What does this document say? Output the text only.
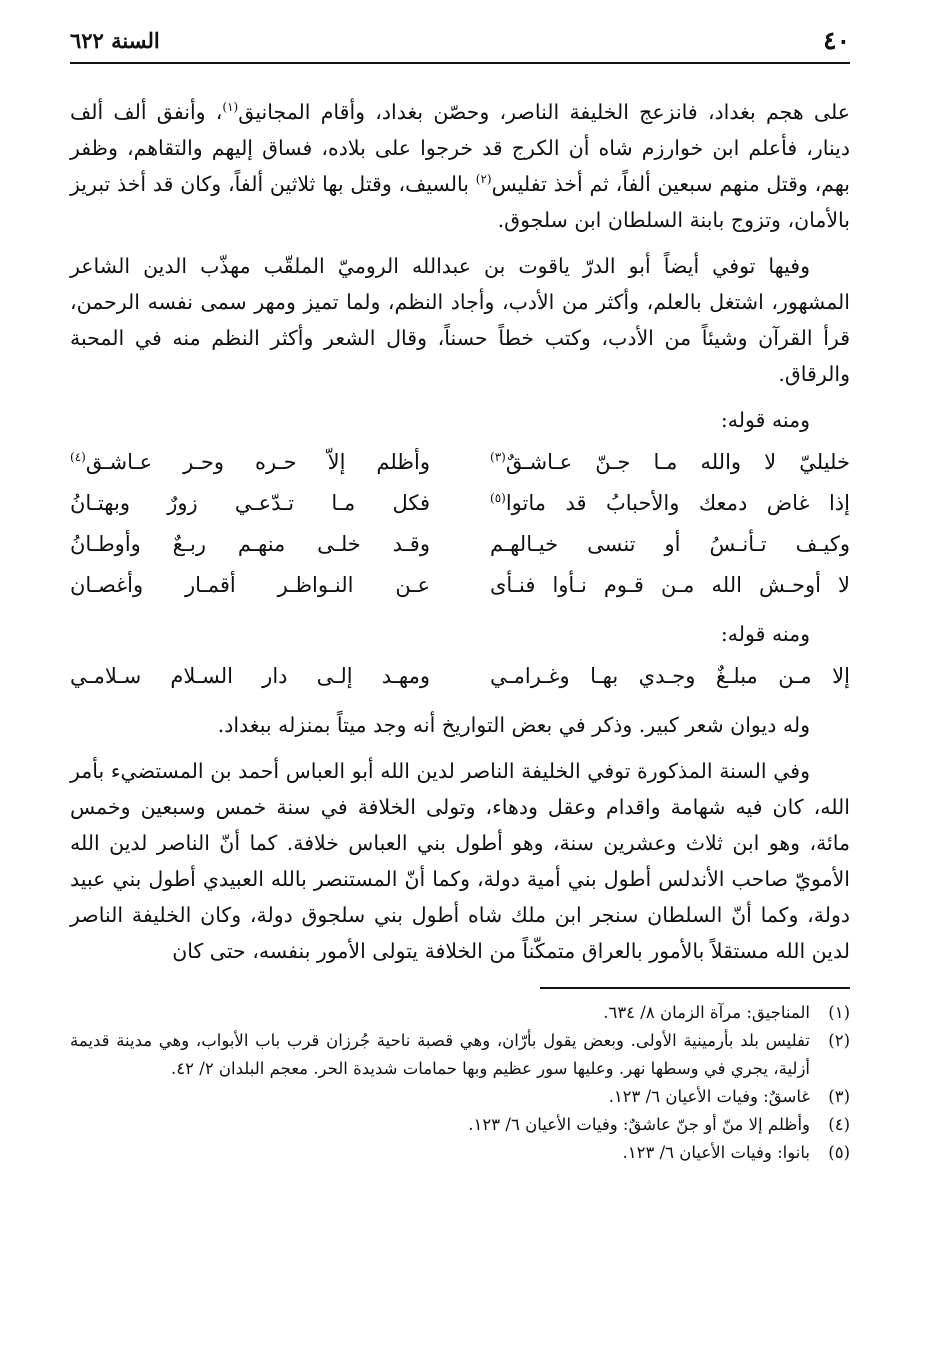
٤٠
السنة ٦٢٢

على هجم بغداد، فانزعج الخليفة الناصر، وحصّن بغداد، وأقام المجانيق$^{(١)}$، وأنفق ألف ألف دينار، فأعلم ابن خوارزم شاه أن الكرج قد خرجوا على بلاده، فساق إليهم والتقاهم، وظفر بهم، وقتل منهم سبعين ألفاً، ثم أخذ تفليس$^{(٢)}$ بالسيف، وقتل بها ثلاثين ألفاً، وكان قد أخذ تبريز بالأمان، وتزوج بابنة السلطان ابن سلجوق.

وفيها توفي أيضاً أبو الدرّ ياقوت بن عبدالله الروميّ الملقّب مهذّب الدين الشاعر المشهور، اشتغل بالعلم، وأكثر من الأدب، وأجاد النظم، ولما تميز ومهر سمى نفسه الرحمن، قرأ القرآن وشيئاً من الأدب، وكتب خطاً حسناً، وقال الشعر وأكثر النظم منه في المحبة والرقاق.

ومنه قوله:
خليليّ لا والله مـا جـنّ عـاشـقٌ$^{(٣)}$
وأظلم إلاّ حـره وحـر عـاشـق$^{(٤)}$
إذا غاض دمعك والأحبابُ قد ماتوا$^{(٥)}$
فكل مـا تـدّعـي زورٌ وبهتـانُ
وكيـف تـأنـسُ أو تنسى خيـالهـم
وقـد خلـى منهـم ربـعٌ وأوطـانُ
لا أوحـش الله مـن قـوم نـأوا فنـأى
عـن النـواظـر أقمـار وأغصـان
ومنه قوله:
إلا مـن مبلـغٌ وجـدي بهـا وغـرامـي
ومهـد إلـى دار السـلام سـلامـي

وله ديوان شعر كبير. وذكر في بعض التواريخ أنه وجد ميتاً بمنزله ببغداد.

وفي السنة المذكورة توفي الخليفة الناصر لدين الله أبو العباس أحمد بن المستضيء بأمر الله، كان فيه شهامة واقدام وعقل ودهاء، وتولى الخلافة في سنة خمس وسبعين وخمس مائة، وهو ابن ثلاث وعشرين سنة، وهو أطول بني العباس خلافة. كما أنّ الناصر لدين الله الأمويّ صاحب الأندلس أطول بني أمية دولة، وكما أنّ المستنصر بالله العبيدي أطول بني عبيد دولة، وكما أنّ السلطان سنجر ابن ملك شاه أطول بني سلجوق دولة، وكان الخليفة الناصر لدين الله مستقلاً بالأمور بالعراق متمكّناً من الخلافة يتولى الأمور بنفسه، حتى كان

(١)
المناجيق: مرآة الزمان ٨/ ٦٣٤.
(٢)
تفليس بلد بأرمينية الأولى. وبعض يقول بأرّان، وهي قصبة ناحية جُرزان قرب باب الأبواب، وهي مدينة قديمة أزلية، يجري في وسطها نهر. وعليها سور عظيم وبها حمامات شديدة الحر. معجم البلدان ٢/ ٤٢.
(٣)
غاسقٌ: وفيات الأعيان ٦/ ١٢٣.
(٤)
وأظلم إلا منّ أو جنّ عاشقٌ: وفيات الأعيان ٦/ ١٢٣.
(٥)
بانوا: وفيات الأعيان ٦/ ١٢٣.
